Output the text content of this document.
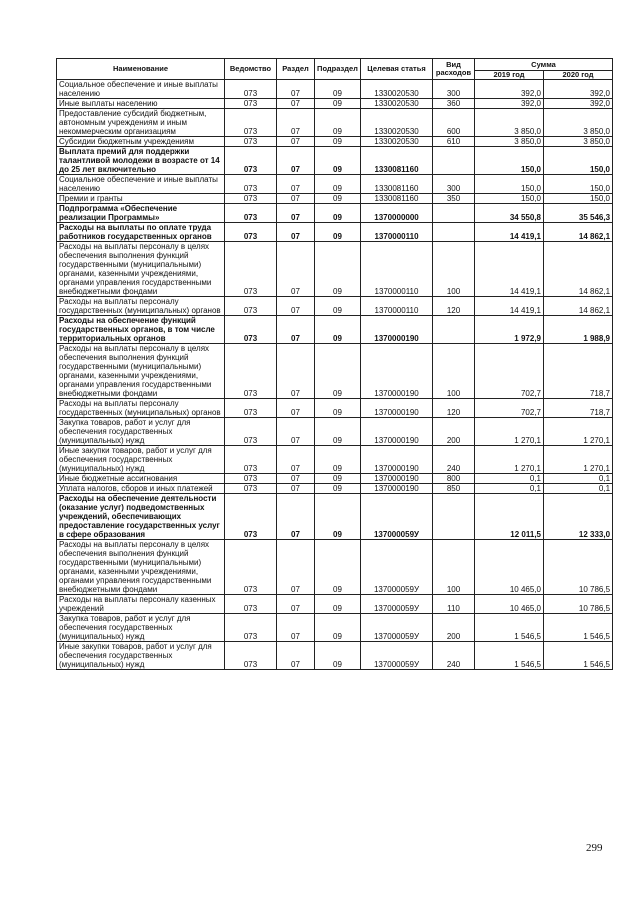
Наименование	Ведомство	Раздел	Подраздел	Целевая статья	Вид расходов	Сумма	
						2019 год	2020 год
Социальное обеспечение и иные выплаты населению	073	07	09	1330020530	300	392,0	392,0
Иные выплаты населению	073	07	09	1330020530	360	392,0	392,0
Предоставление субсидий бюджетным, автономным учреждениям и иным некоммерческим организациям	073	07	09	1330020530	600	3 850,0	3 850,0
Субсидии бюджетным учреждениям	073	07	09	1330020530	610	3 850,0	3 850,0
Выплата премий для поддержки талантливой молодежи в возрасте от 14 до 25 лет включительно	073	07	09	1330081160		150,0	150,0
Социальное обеспечение и иные выплаты населению	073	07	09	1330081160	300	150,0	150,0
Премии и гранты	073	07	09	1330081160	350	150,0	150,0
Подпрограмма «Обеспечение реализации Программы»	073	07	09	1370000000		34 550,8	35 546,3
Расходы на выплаты по оплате труда работников государственных органов	073	07	09	1370000110		14 419,1	14 862,1
Расходы на выплаты персоналу в целях обеспечения выполнения функций государственными (муниципальными) органами, казенными учреждениями, органами управления государственными внебюджетными фондами	073	07	09	1370000110	100	14 419,1	14 862,1
Расходы на выплаты персоналу государственных (муниципальных) органов	073	07	09	1370000110	120	14 419,1	14 862,1
Расходы на обеспечение функций государственных органов, в том числе территориальных органов	073	07	09	1370000190		1 972,9	1 988,9
Расходы на выплаты персоналу в целях обеспечения выполнения функций государственными (муниципальными) органами, казенными учреждениями, органами управления государственными внебюджетными фондами	073	07	09	1370000190	100	702,7	718,7
Расходы на выплаты персоналу государственных (муниципальных) органов	073	07	09	1370000190	120	702,7	718,7
Закупка товаров, работ и услуг для обеспечения государственных (муниципальных) нужд	073	07	09	1370000190	200	1 270,1	1 270,1
Иные закупки товаров, работ и услуг для обеспечения государственных (муниципальных) нужд	073	07	09	1370000190	240	1 270,1	1 270,1
Иные бюджетные ассигнования	073	07	09	1370000190	800	0,1	0,1
Уплата налогов, сборов и иных платежей	073	07	09	1370000190	850	0,1	0,1
Расходы на обеспечение деятельности (оказание услуг) подведомственных учреждений, обеспечивающих предоставление государственных услуг в сфере образования	073	07	09	137000059У		12 011,5	12 333,0
Расходы на выплаты персоналу в целях обеспечения выполнения функций государственными (муниципальными) органами, казенными учреждениями, органами управления государственными внебюджетными фондами	073	07	09	137000059У	100	10 465,0	10 786,5
Расходы на выплаты персоналу казенных учреждений	073	07	09	137000059У	110	10 465,0	10 786,5
Закупка товаров, работ и услуг для обеспечения государственных (муниципальных) нужд	073	07	09	137000059У	200	1 546,5	1 546,5
Иные закупки товаров, работ и услуг для обеспечения государственных (муниципальных) нужд	073	07	09	137000059У	240	1 546,5	1 546,5
299
